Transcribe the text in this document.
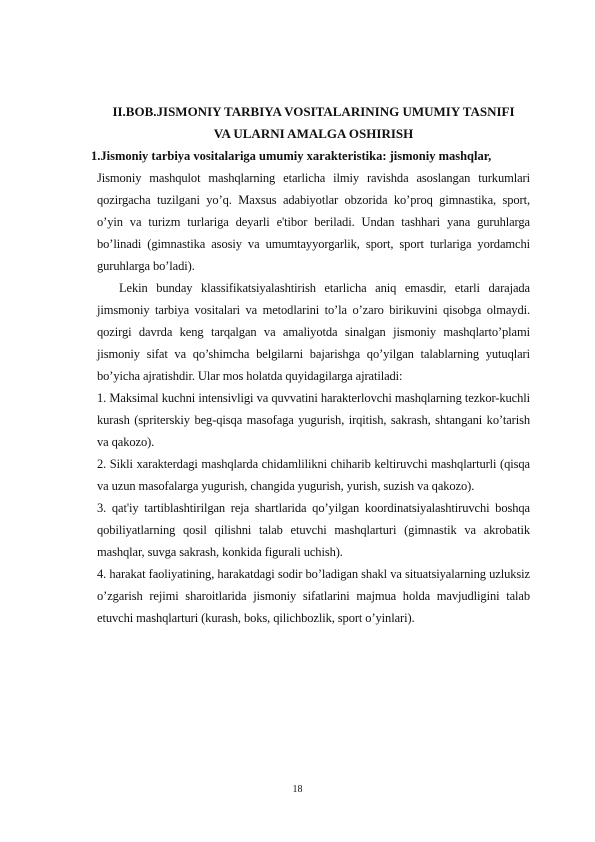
II.BOB.JISMONIY TARBIYA VOSITALARINING UMUMIY TASNIFI
VA ULARNI AMALGA OSHIRISH
1.Jismoniy tarbiya vositalariga umumiy xarakteristika: jismoniy mashqlar,

Jismoniy mashqulot mashqlarning etarlicha ilmiy ravishda asoslangan turkumlari qozirgacha tuzilgani yo’q. Maxsus adabiyotlar obzorida ko’proq gimnastika, sport, o’yin va turizm turlariga deyarli e'tibor beriladi. Undan tashhari yana guruhlarga bo’linadi (gimnastika asosiy va umumtayyorgarlik, sport, sport turlariga yordamchi guruhlarga bo’ladi).

Lekin bunday klassifikatsiyalashtirish etarlicha aniq emasdir, etarli darajada jimsmoniy tarbiya vositalari va metodlarini to’la o’zaro birikuvini qisobga olmaydi. qozirgi davrda keng tarqalgan va amaliyotda sinalgan jismoniy mashqlarto’plami jismoniy sifat va qo’shimcha belgilarni bajarishga qo’yilgan talablarning yutuqlari bo’yicha ajratishdir. Ular mos holatda quyidagilarga ajratiladi:

1. Maksimal kuchni intensivligi va quvvatini harakterlovchi mashqlarning tezkor-kuchli kurash (spriterskiy beg-qisqa masofaga yugurish, irqitish, sakrash, shtangani ko’tarish va qakozo).

2. Sikli xarakterdagi mashqlarda chidamlilikni chiharib keltiruvchi mashqlarturli (qisqa va uzun masofalarga yugurish, changida yugurish, yurish, suzish va qakozo).

3. qat'iy tartiblashtirilgan reja shartlarida qo’yilgan koordinatsiyalashtiruvchi boshqa qobiliyatlarning qosil qilishni talab etuvchi mashqlarturi (gimnastik va akrobatik mashqlar, suvga sakrash, konkida figurali uchish).

4. harakat faoliyatining, harakatdagi sodir bo’ladigan shakl va situatsiyalarning uzluksiz o’zgarish rejimi sharoitlarida jismoniy sifatlarini majmua holda mavjudligini talab etuvchi mashqlarturi (kurash, boks, qilichbozlik, sport o’yinlari).

18
